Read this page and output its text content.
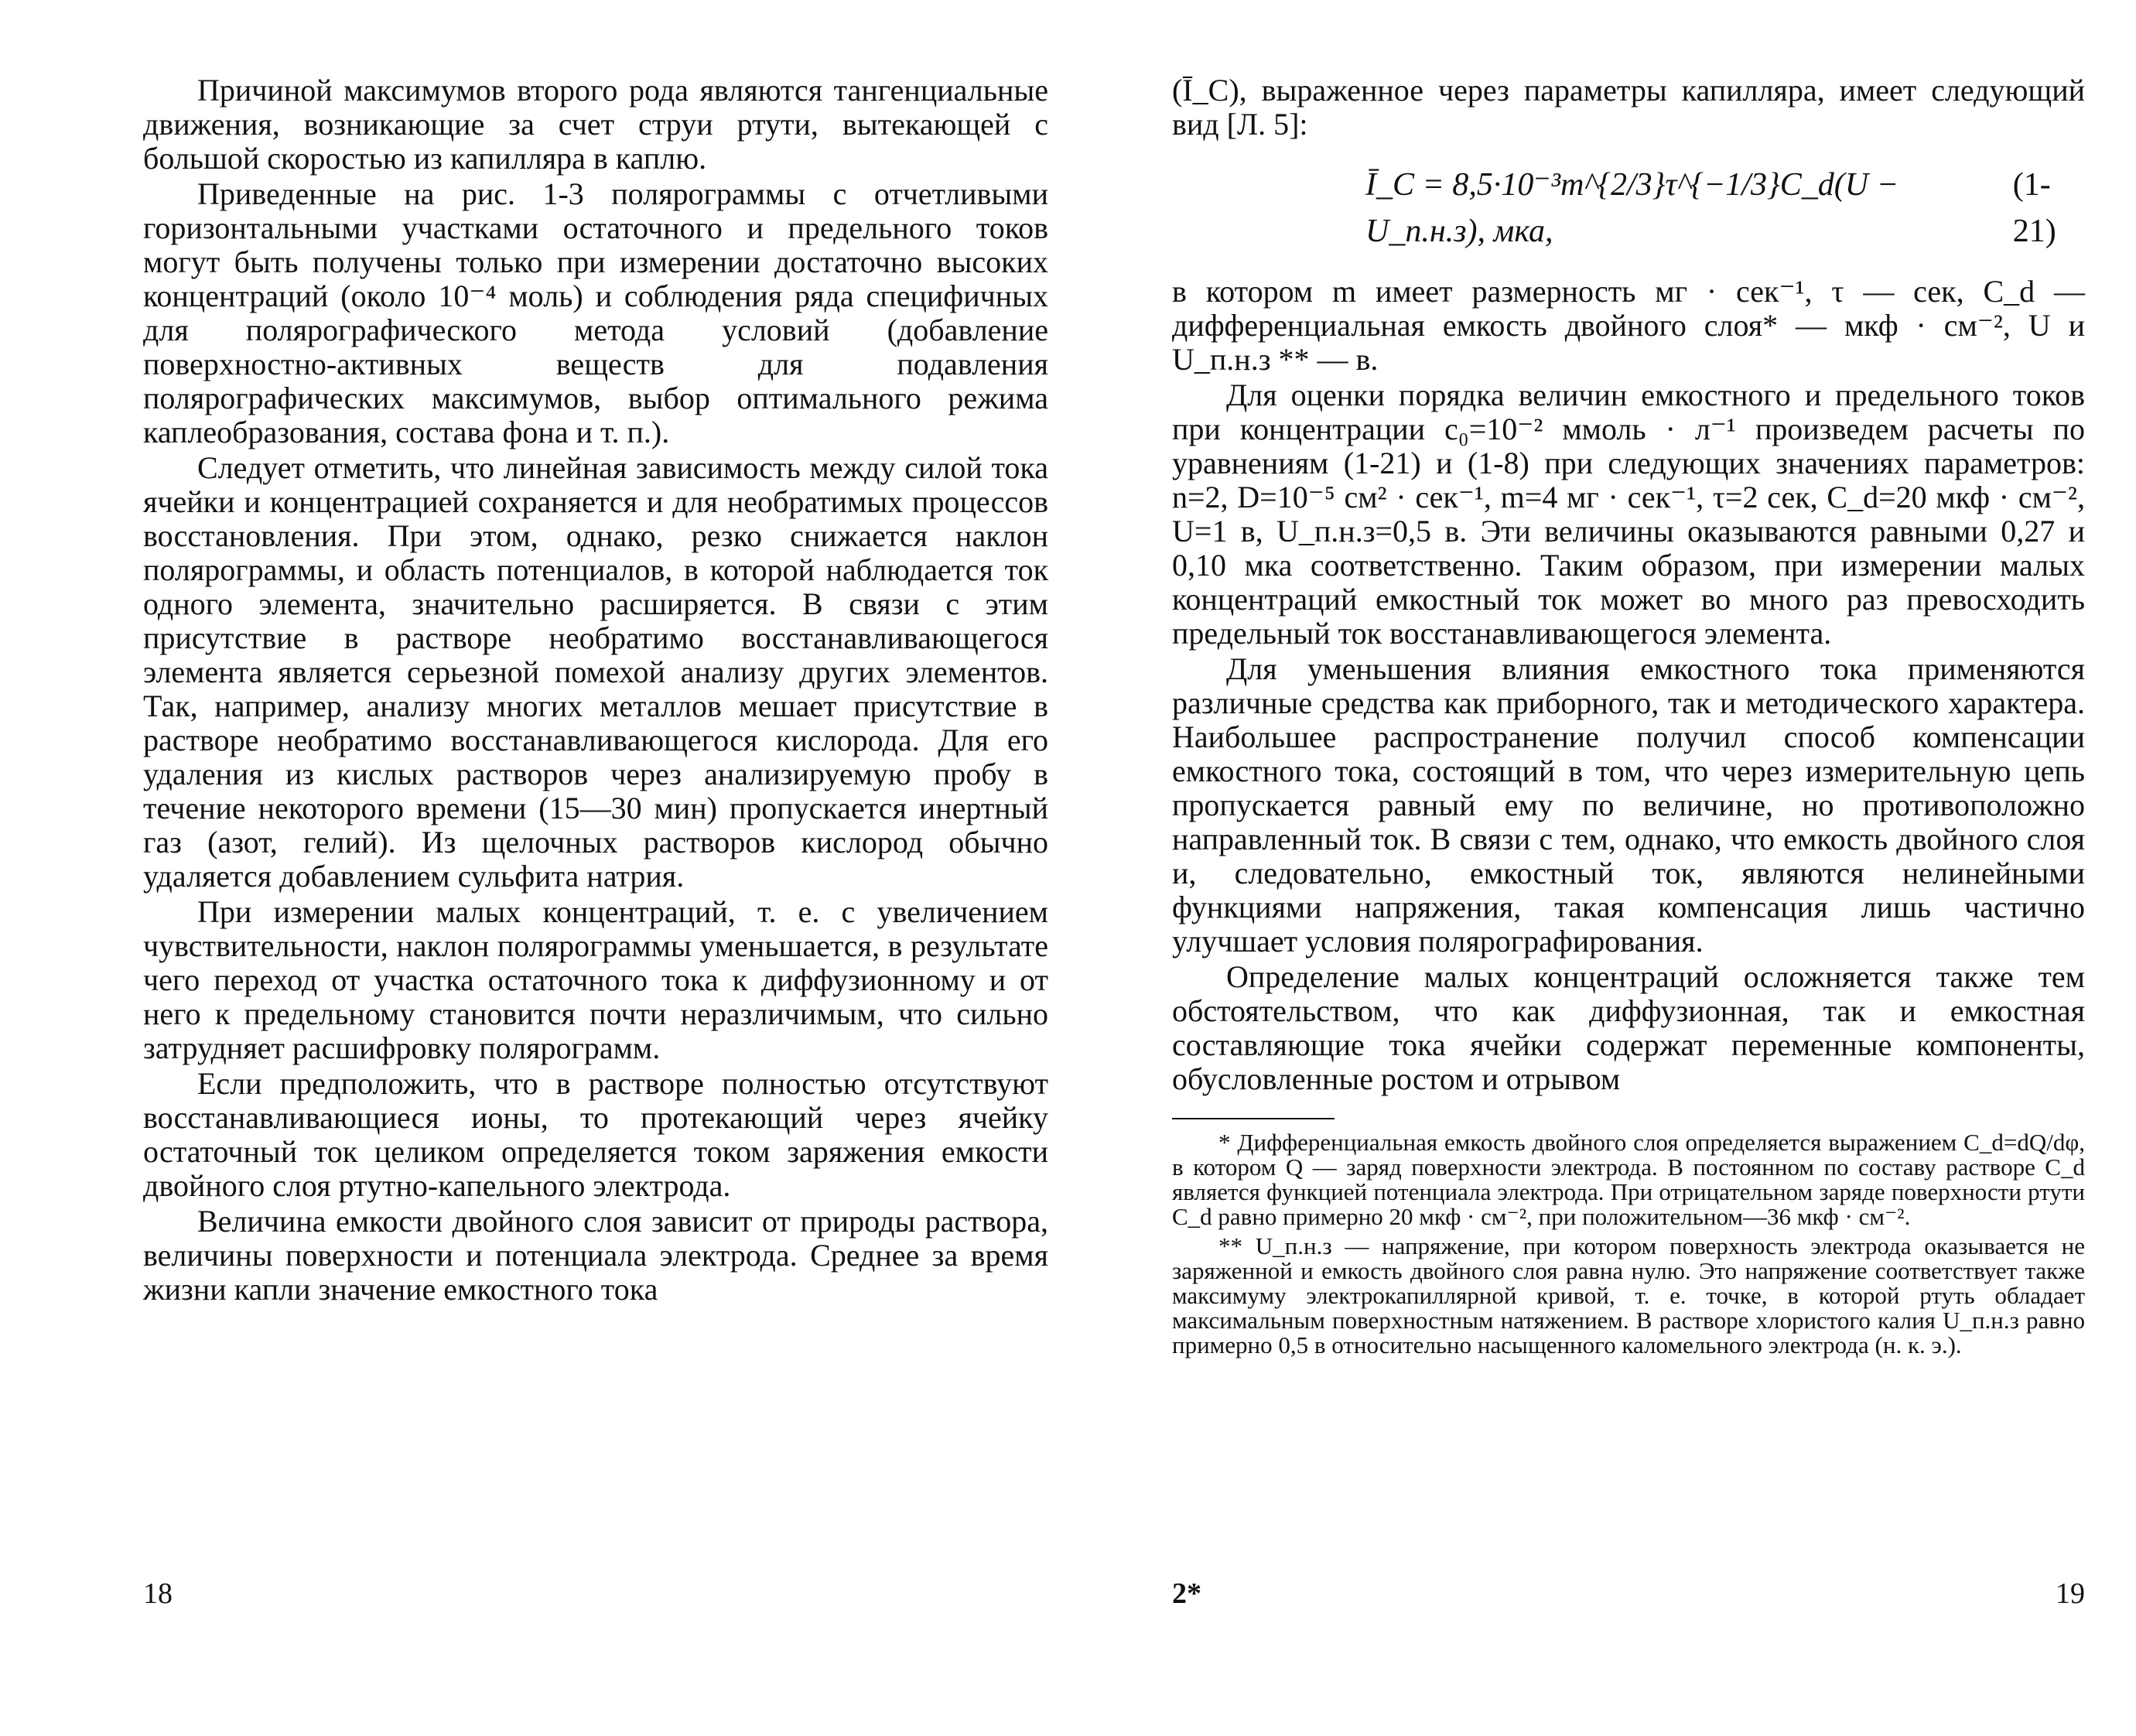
Причиной максимумов второго рода являются тангенциальные движения, возникающие за счет струи ртути, вытекающей с большой скоростью из капилляра в каплю.

Приведенные на рис. 1-3 полярограммы с отчетливыми горизонтальными участками остаточного и предельного токов могут быть получены только при измерении достаточно высоких концентраций (около 10⁻⁴ моль) и соблюдения ряда специфичных для полярографического метода условий (добавление поверхностно-активных веществ для подавления полярографических максимумов, выбор оптимального режима каплеобразования, состава фона и т. п.).

Следует отметить, что линейная зависимость между силой тока ячейки и концентрацией сохраняется и для необратимых процессов восстановления. При этом, однако, резко снижается наклон полярограммы, и область потенциалов, в которой наблюдается ток одного элемента, значительно расширяется. В связи с этим присутствие в растворе необратимо восстанавливающегося элемента является серьезной помехой анализу других элементов. Так, например, анализу многих металлов мешает присутствие в растворе необратимо восстанавливающегося кислорода. Для его удаления из кислых растворов через анализируемую пробу в течение некоторого времени (15—30 мин) пропускается инертный газ (азот, гелий). Из щелочных растворов кислород обычно удаляется добавлением сульфита натрия.

При измерении малых концентраций, т. е. с увеличением чувствительности, наклон полярограммы уменьшается, в результате чего переход от участка остаточного тока к диффузионному и от него к предельному становится почти неразличимым, что сильно затрудняет расшифровку полярограмм.

Если предположить, что в растворе полностью отсутствуют восстанавливающиеся ионы, то протекающий через ячейку остаточный ток целиком определяется током заряжения емкости двойного слоя ртутно-капельного электрода.

Величина емкости двойного слоя зависит от природы раствора, величины поверхности и потенциала электрода. Среднее за время жизни капли значение емкостного тока

18

(Ī_C), выраженное через параметры капилляра, имеет следующий вид [Л. 5]:

Ī_C = 8,5·10⁻³m^{2/3}τ^{−1/3}C_d(U − U_п.н.з), мка,
(1-21)

в котором m имеет размерность мг · сек⁻¹, τ — сек, C_d — дифференциальная емкость двойного слоя* — мкф · см⁻², U и U_п.н.з ** — в.

Для оценки порядка величин емкостного и предельного токов при концентрации c₀=10⁻² ммоль · л⁻¹ произведем расчеты по уравнениям (1-21) и (1-8) при следующих значениях параметров: n=2, D=10⁻⁵ см² · сек⁻¹, m=4 мг · сек⁻¹, τ=2 сек, C_d=20 мкф · см⁻², U=1 в, U_п.н.з=0,5 в. Эти величины оказываются равными 0,27 и 0,10 мка соответственно. Таким образом, при измерении малых концентраций емкостный ток может во много раз превосходить предельный ток восстанавливающегося элемента.

Для уменьшения влияния емкостного тока применяются различные средства как приборного, так и методического характера. Наибольшее распространение получил способ компенсации емкостного тока, состоящий в том, что через измерительную цепь пропускается равный ему по величине, но противоположно направленный ток. В связи с тем, однако, что емкость двойного слоя и, следовательно, емкостный ток, являются нелинейными функциями напряжения, такая компенсация лишь частично улучшает условия полярографирования.

Определение малых концентраций осложняется также тем обстоятельством, что как диффузионная, так и емкостная составляющие тока ячейки содержат переменные компоненты, обусловленные ростом и отрывом

* Дифференциальная емкость двойного слоя определяется выражением C_d=dQ/dφ, в котором Q — заряд поверхности электрода. В постоянном по составу растворе C_d является функцией потенциала электрода. При отрицательном заряде поверхности ртути C_d равно примерно 20 мкф · см⁻², при положительном—36 мкф · см⁻².

** U_п.н.з — напряжение, при котором поверхность электрода оказывается не заряженной и емкость двойного слоя равна нулю. Это напряжение соответствует также максимуму электрокапиллярной кривой, т. е. точке, в которой ртуть обладает максимальным поверхностным натяжением. В растворе хлористого калия U_п.н.з равно примерно 0,5 в относительно насыщенного каломельного электрода (н. к. э.).

2*	19
